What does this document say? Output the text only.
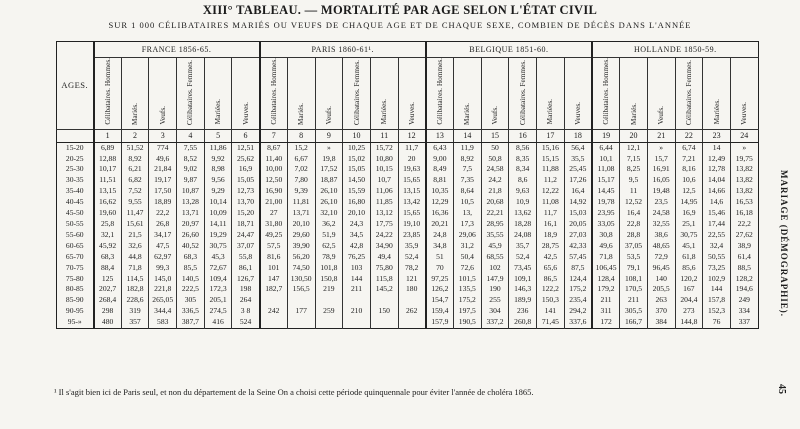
XIII° TABLEAU. — MORTALITÉ PAR AGE SELON L'ÉTAT CIVIL
SUR 1 000 CÉLIBATAIRES MARIÉS OU VEUFS DE CHAQUE AGE ET DE CHAQUE SEXE, COMBIEN DE DÉCÈS DANS L'ANNÉE
AGES.	FRANCE 1856-65.						PARIS 1860-61¹.						BELGIQUE 1851-60.						HOLLANDE 1850-59.					
	Célibataires. Hommes.	Mariés.	Veufs.	Célibataires. Femmes.	Mariées.	Veuves.	Célibataires. Hommes.	Mariés.	Veufs.	Célibataires. Femmes.	Mariées.	Veuves.	Célibataires. Hommes.	Mariés.	Veufs.	Célibataires. Femmes.	Mariées.	Veuves.	Célibataires. Hommes.	Mariés.	Veufs.	Célibataires. Femmes.	Mariées.	Veuves.
	1	2	3	4	5	6	7	8	9	10	11	12	13	14	15	16	17	18	19	20	21	22	23	24
15-20	6,89	51,52	774	7,55	11,86	12,51	8,67	15,2	»	10,25	15,72	11,7	6,43	11,9	50	8,56	15,16	56,4	6,44	12,1	»	6,74	14	»
20-25	12,88	8,92	49,6	8,52	9,92	25,62	11,40	6,67	19,8	15,02	10,80	20	9,00	8,92	50,8	8,35	15,15	35,5	10,1	7,15	15,7	7,21	12,49	19,75
25-30	10,17	6,21	21,84	9,02	8,98	16,9	10,00	7,02	17,52	15,05	10,15	19,63	8,49	7,5	24,58	8,34	11,88	25,45	11,08	8,25	16,91	8,16	12,78	13,82
30-35	11,51	6,82	19,17	9,87	9,56	15,05	12,50	7,80	18,87	14,50	10,7	15,65	8,81	7,35	24,2	8,6	11,2	17,26	15,17	9,5	16,05	10,6	14,04	13,82
35-40	13,15	7,52	17,50	10,87	9,29	12,73	16,90	9,39	26,10	15,59	11,06	13,15	10,35	8,64	21,8	9,63	12,22	16,4	14,45	11	19,48	12,5	14,66	13,82
40-45	16,62	9,55	18,89	13,28	10,14	13,70	21,00	11,81	26,10	16,80	11,85	13,42	12,29	10,5	20,68	10,9	11,08	14,92	19,78	12,52	23,5	14,95	14,6	16,53
45-50	19,60	11,47	22,2	13,71	10,09	15,20	27	13,71	32,10	20,10	13,12	15,65	16,36	13,	22,21	13,62	11,7	15,03	23,95	16,4	24,58	16,9	15,46	16,18
50-55	25,8	15,61	26,8	20,97	14,11	18,71	31,80	20,10	36,2	24,3	17,75	19,10	20,21	17,3	28,95	18,28	16,1	20,05	33,05	22,8	32,55	25,1	17,44	22,2
55-60	32,1	21,5	34,17	26,60	19,29	24,47	49,25	29,60	51,9	34,5	24,22	23,85	24,8	29,06	35,55	24,08	18,9	27,03	30,8	28,8	38,6	30,75	22,55	27,62
60-65	45,92	32,6	47,5	40,52	30,75	37,07	57,5	39,90	62,5	42,8	34,90	35,9	34,8	31,2	45,9	35,7	28,75	42,33	49,6	37,05	48,65	45,1	32,4	38,9
65-70	68,3	44,8	62,97	68,3	45,3	55,8	81,6	56,20	78,9	76,25	49,4	52,4	51	50,4	68,55	52,4	42,5	57,45	71,8	53,5	72,9	61,8	50,55	61,4
70-75	88,4	71,8	99,3	85,5	72,67	86,1	101	74,50	101,8	103	75,80	78,2	70	72,6	102	73,45	65,6	87,5	106,45	79,1	96,45	85,6	73,25	88,5
75-80	125	114,5	145,0	140,5	109,4	126,7	147	130,50	150,8	144	115,8	121	97,25	101,5	147,9	109,1	86,5	124,4	128,4	108,1	140	120,2	102,9	128,2
80-85	202,7	182,8	221,8	222,5	172,3	198	182,7	156,5	219	211	145,2	180	126,2	135,5	190	146,3	122,2	175,2	179,2	170,5	205,5	167	144	194,6
85-90	268,4	228,6	265,05	305	205,1	264							154,7	175,2	255	189,9	150,3	235,4	211	211	263	204,4	157,8	249
90-95	298	319	344,4	336,5	274,5	3 8	242	177	259	210	150	262	159,4	197,5	304	236	141	294,2	311	305,5	370	273	152,3	334
95-»	480	357	583	387,7	416	524							157,9	190,5	337,2	260,8	71,45	337,6	172	166,7	384	144,8	76	337
MARIAGE (DÉMOGRAPHIE).
45
¹ Il s'agit bien ici de Paris seul, et non du département de la Seine On a choisi cette période quinquennale pour éviter l'année de choléra 1865.
